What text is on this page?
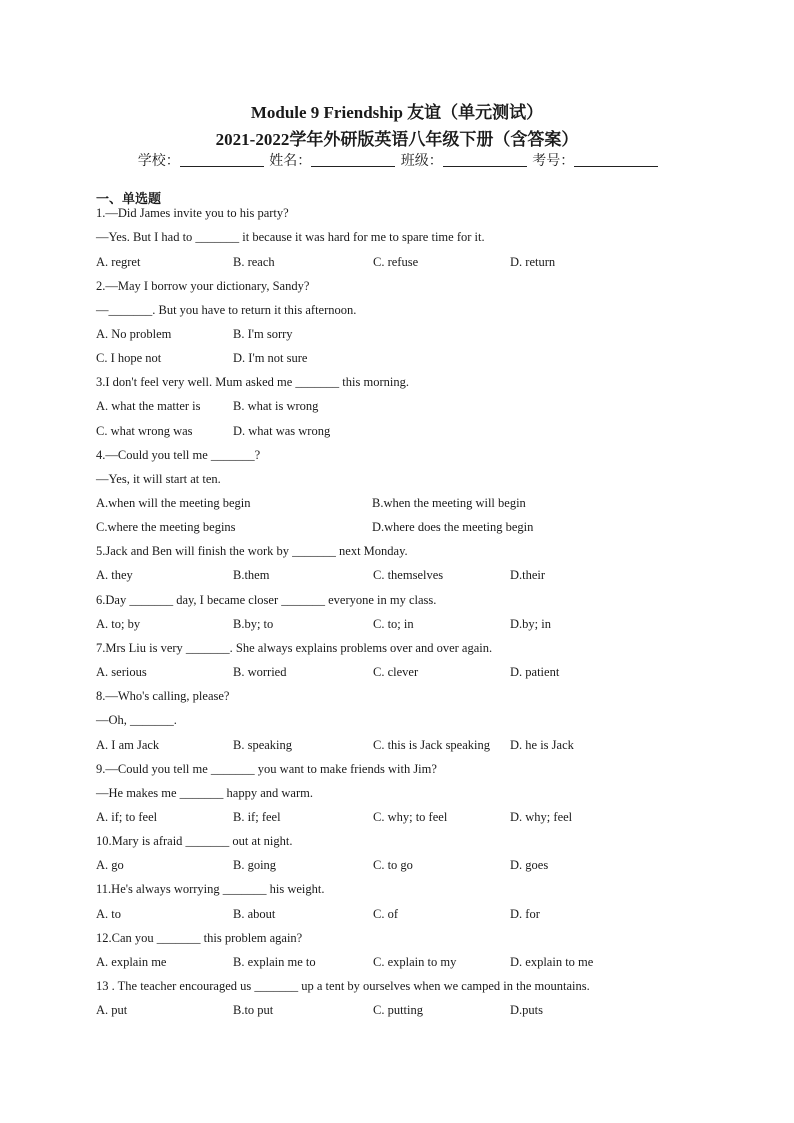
Module 9 Friendship 友谊（单元测试）
2021-2022学年外研版英语八年级下册（含答案）
学校：	姓名：	班级：	考号：
一、单选题
1.—Did James invite you to his party?
—Yes. But I had to _______ it because it was hard for me to spare time for it.
A. regret	B. reach	C. refuse	D. return
2.—May I borrow your dictionary, Sandy?
—_______. But you have to return it this afternoon.
A. No problem	B. I'm sorry
C. I hope not	D. I'm not sure
3.I don't feel very well. Mum asked me _______ this morning.
A. what the matter is	B. what is wrong
C. what wrong was	D. what was wrong
4.—Could you tell me _______?
—Yes, it will start at ten.
A.when will the meeting begin	B.when the meeting will begin
C.where the meeting begins	D.where does the meeting begin
5.Jack and Ben will finish the work by _______ next Monday.
A. they	B.them	C. themselves	D.their
6.Day _______ day, I became closer _______ everyone in my class.
A. to; by	B.by; to	C. to; in	D.by; in
7.Mrs Liu is very _______. She always explains problems over and over again.
A. serious	B. worried	C. clever	D. patient
8.—Who's calling, please?
—Oh, _______.
A. I am Jack	B. speaking	C. this is Jack speaking D. he is Jack
9.—Could you tell me _______ you want to make friends with Jim?
—He makes me _______ happy and warm.
A. if; to feel	B. if; feel	C. why; to feel	D. why; feel
10.Mary is afraid _______ out at night.
A. go	B. going	C. to go	D. goes
11.He's always worrying _______ his weight.
A. to	B. about	C. of	D. for
12.Can you _______ this problem again?
A. explain me	B. explain me to	C. explain to my	D. explain to me
13 . The teacher encouraged us _______ up a tent by ourselves when we camped in the mountains.
A. put	B.to put	C. putting	D.puts
